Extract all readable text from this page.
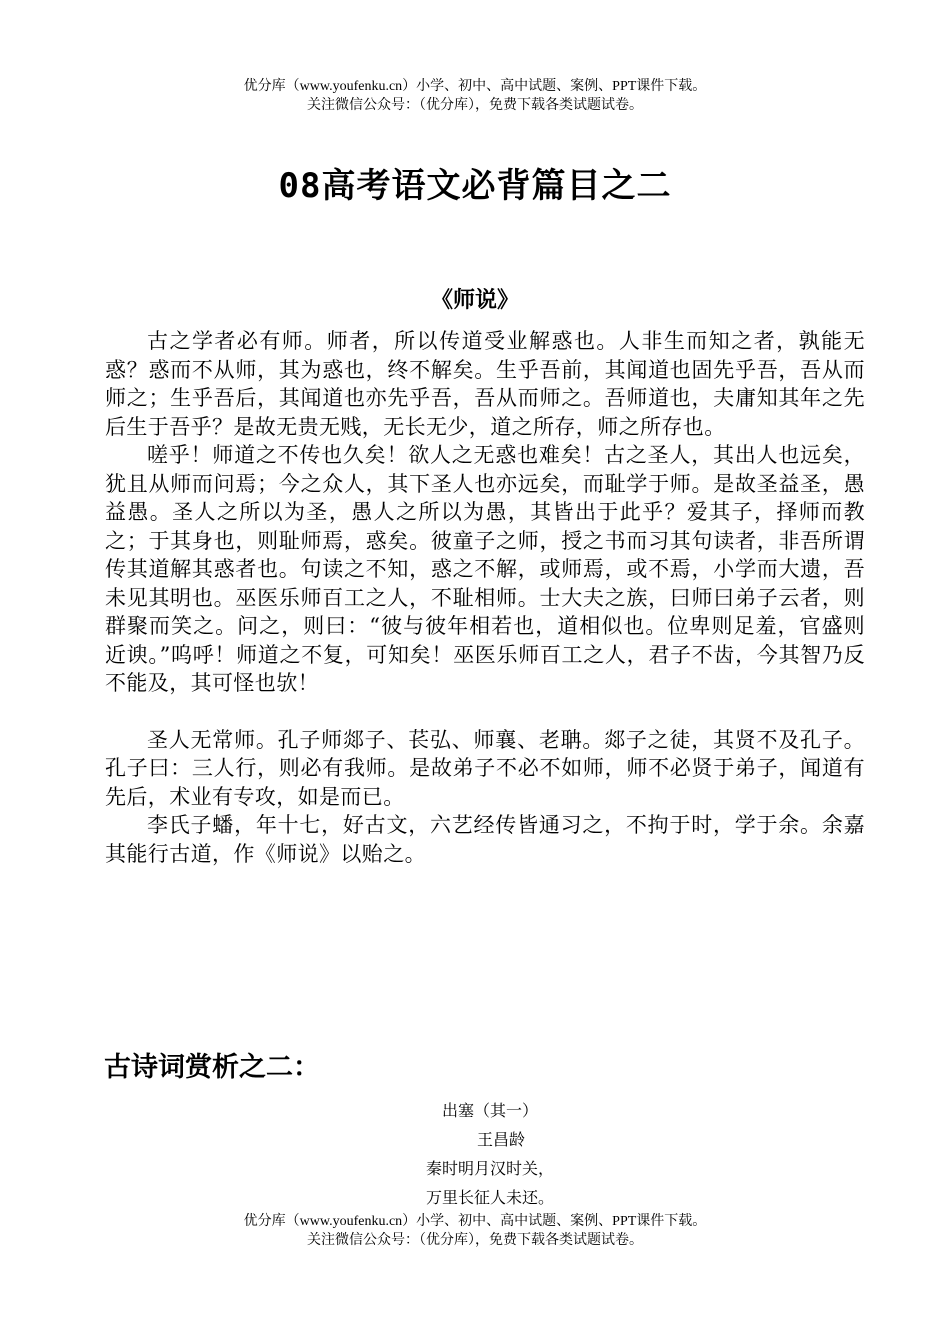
优分库（www.youfenku.cn）小学、初中、高中试题、案例、PPT课件下载。
关注微信公众号：（优分库），免费下载各类试题试卷。
08高考语文必背篇目之二
《师说》

古之学者必有师。师者，所以传道受业解惑也。人非生而知之者，孰能无惑？惑而不从师，其为惑也，终不解矣。生乎吾前，其闻道也固先乎吾，吾从而师之；生乎吾后，其闻道也亦先乎吾，吾从而师之。吾师道也，夫庸知其年之先后生于吾乎？是故无贵无贱，无长无少，道之所存，师之所存也。

嗟乎！师道之不传也久矣！欲人之无惑也难矣！古之圣人，其出人也远矣，犹且从师而问焉；今之众人，其下圣人也亦远矣，而耻学于师。是故圣益圣，愚益愚。圣人之所以为圣，愚人之所以为愚，其皆出于此乎？爱其子，择师而教之；于其身也，则耻师焉，惑矣。彼童子之师，授之书而习其句读者，非吾所谓传其道解其惑者也。句读之不知，惑之不解，或师焉，或不焉，小学而大遗，吾未见其明也。巫医乐师百工之人，不耻相师。士大夫之族，曰师曰弟子云者，则群聚而笑之。问之，则曰：“彼与彼年相若也，道相似也。位卑则足羞，官盛则近谀。”呜呼！师道之不复，可知矣！巫医乐师百工之人，君子不齿，今其智乃反不能及，其可怪也欤！

圣人无常师。孔子师郯子、苌弘、师襄、老聃。郯子之徒，其贤不及孔子。孔子曰：三人行，则必有我师。是故弟子不必不如师，师不必贤于弟子，闻道有先后，术业有专攻，如是而已。

李氏子蟠，年十七，好古文，六艺经传皆通习之，不拘于时，学于余。余嘉其能行古道，作《师说》以贻之。

古诗词赏析之二：
出塞（其一）
王昌龄
秦时明月汉时关，
万里长征人未还。
优分库（www.youfenku.cn）小学、初中、高中试题、案例、PPT课件下载。
关注微信公众号：（优分库），免费下载各类试题试卷。
